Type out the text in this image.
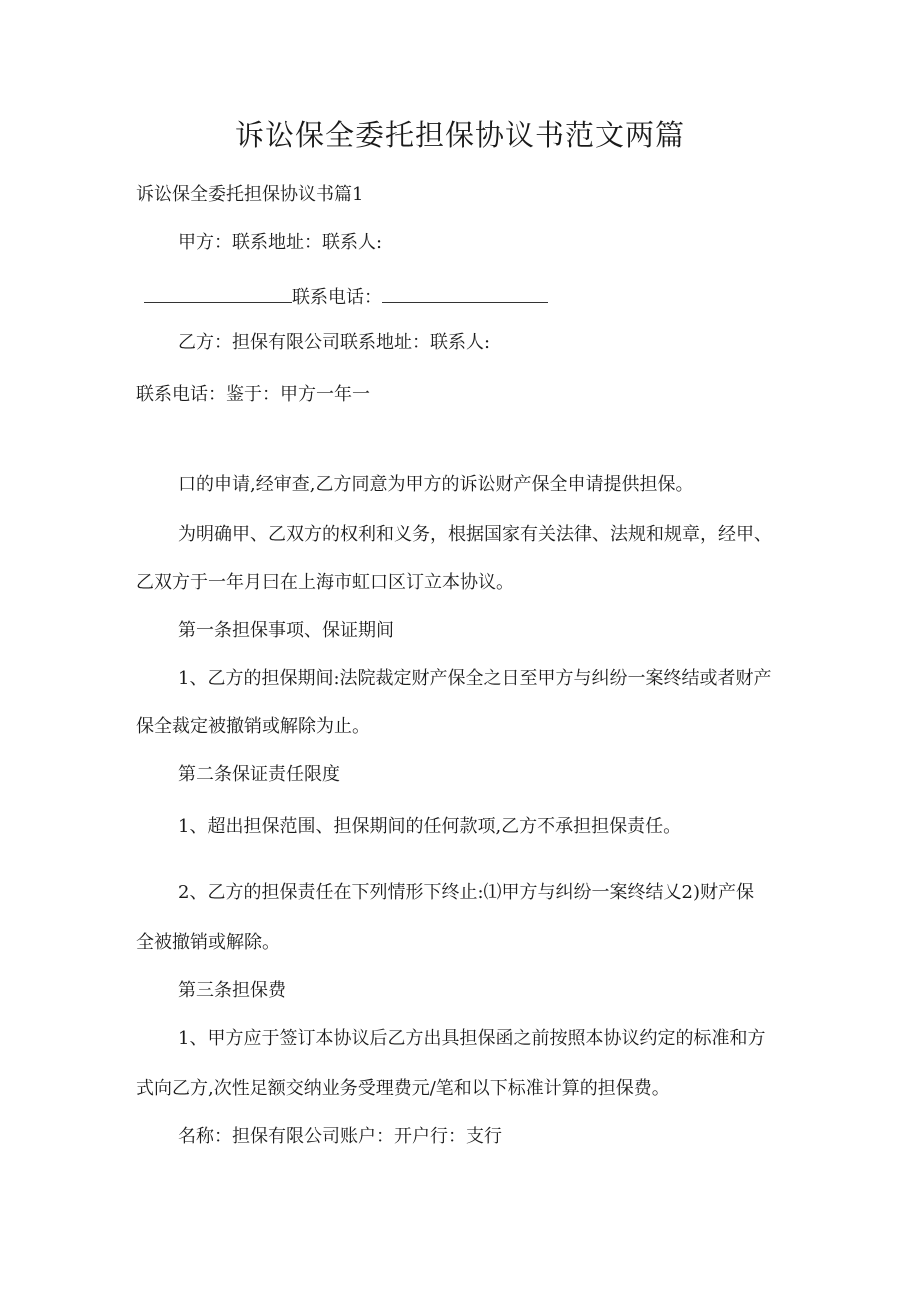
诉讼保全委托担保协议书范文两篇

诉讼保全委托担保协议书篇1

甲方：联系地址：联系人:

联系电话：

乙方：担保有限公司联系地址：联系人:

联系电话：鉴于：甲方一年一

口的申请,经审查,乙方同意为甲方的诉讼财产保全申请提供担保。

为明确甲、乙双方的权利和义务，根据国家有关法律、法规和规章，经甲、

乙双方于一年月曰在上海市虹口区订立本协议。

第一条担保事项、保证期间

1、乙方的担保期间:法院裁定财产保全之日至甲方与纠纷一案终结或者财产

保全裁定被撤销或解除为止。

第二条保证责任限度

1、超出担保范围、担保期间的任何款项,乙方不承担担保责任。

2、乙方的担保责任在下列情形下终止:⑴甲方与纠纷一案终结乂2)财产保

全被撤销或解除。

第三条担保费

1、甲方应于签订本协议后乙方出具担保函之前按照本协议约定的标准和方

式向乙方,次性足额交纳业务受理费元/笔和以下标准计算的担保费。

名称：担保有限公司账户：开户行：支行
